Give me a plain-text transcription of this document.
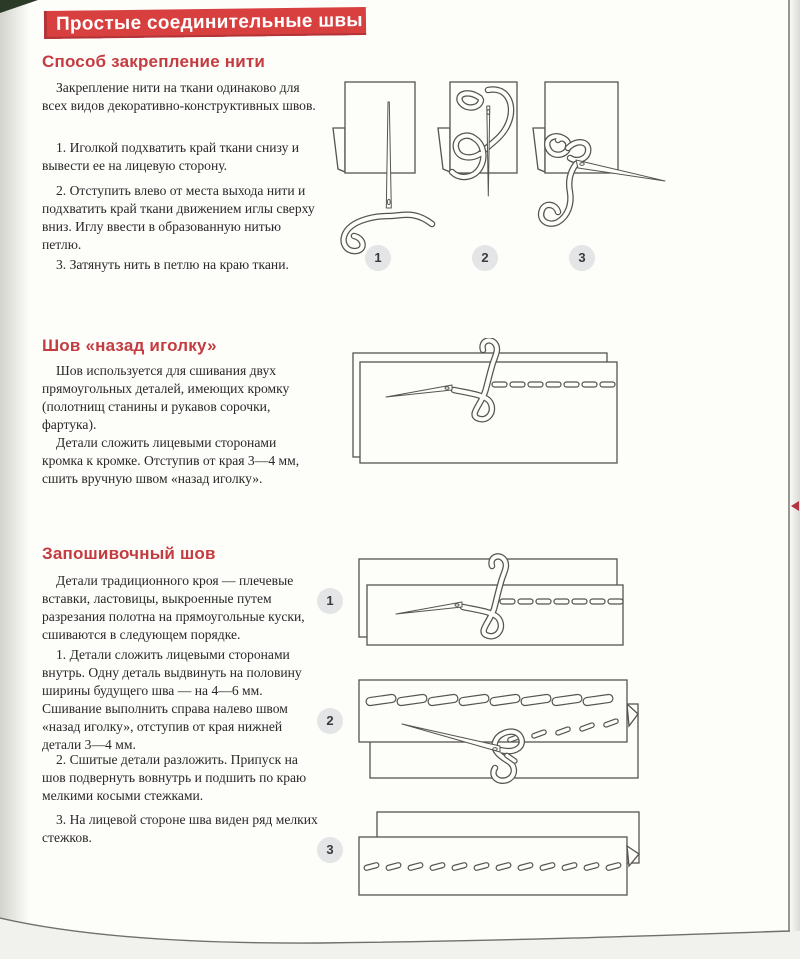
Простые соединительные швы
Способ закрепление нити

Закрепление нити на ткани одинаково для всех видов декоративно-конструктивных швов.

1. Иголкой подхватить край ткани снизу и вывести ее на лицевую сторону.

2. Отступить влево от места выхода нити и подхватить край ткани движением иглы сверху вниз. Иглу ввести в образованную нитью петлю.

3. Затянуть нить в петлю на краю ткани.	1	2	3
Шов «назад иголку»

Шов используется для сшивания двух прямоугольных деталей, имеющих кромку (полотнищ станины и рукавов сорочки, фартука).

Детали сложить лицевыми сторонами кромка к кромке. Отступив от края 3—4 мм, сшить вручную швом «назад иголку».

Запошивочный шов

Детали традиционного кроя — плечевые вставки, ластовицы, выкроенные путем разрезания полотна на прямоугольные куски, сшиваются в следующем порядке.

1. Детали сложить лицевыми сторонами внутрь. Одну деталь выдвинуть на половину ширины будущего шва — на 4—6 мм. Сшивание выполнить справа налево швом «назад иголку», отступив от края нижней детали 3—4 мм.

2. Сшитые детали разложить. Припуск на шов подвернуть вовнутрь и подшить по краю мелкими косыми стежками.

3. На лицевой стороне шва виден ряд мелких стежков.

1
2
3
